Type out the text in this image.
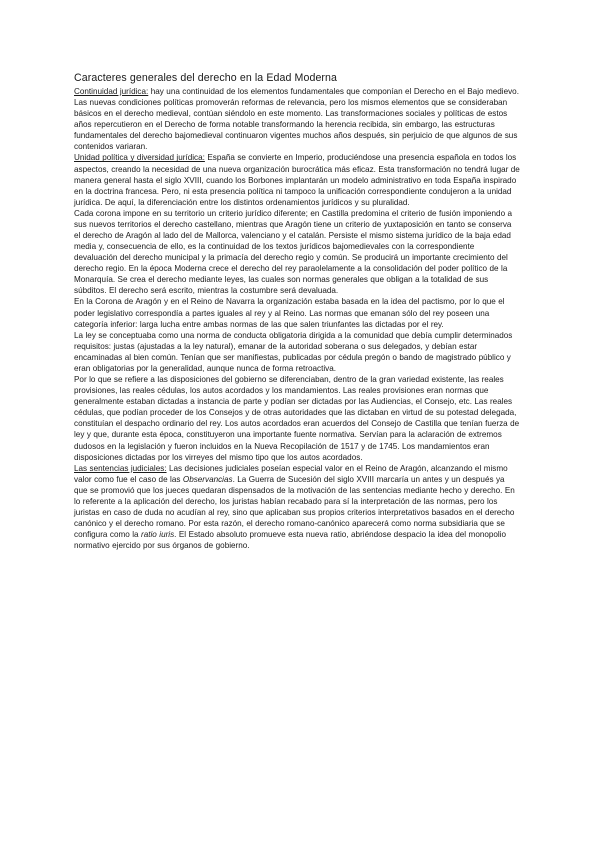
Caracteres generales del derecho en la Edad Moderna

Continuidad jurídica: hay una continuidad de los elementos fundamentales que componían el Derecho en el Bajo medievo. Las nuevas condiciones políticas promoverán reformas de relevancia, pero los mismos elementos que se consideraban básicos en el derecho medieval, contúan siéndolo en este momento. Las transformaciones sociales y políticas de estos años repercutieron en el Derecho de forma notable transformando la herencia recibida, sin embargo, las estructuras fundamentales del derecho bajomedieval continuaron vigentes muchos años después, sin perjuicio de que algunos de sus contenidos variaran.

Unidad política y diversidad jurídica: España se convierte en Imperio, produciéndose una presencia española en todos los aspectos, creando la necesidad de una nueva organización burocrática más eficaz. Esta transformación no tendrá lugar de manera general hasta el siglo XVIII, cuando los Borbones implantarán un modelo administrativo en toda España inspirado en la doctrina francesa. Pero, ni esta presencia política ni tampoco la unificación correspondiente condujeron a la unidad jurídica. De aquí, la diferenciación entre los distintos ordenamientos jurídicos y su pluralidad.

Cada corona impone en su territorio un criterio jurídico diferente; en Castilla predomina el criterio de fusión imponiendo a sus nuevos territorios el derecho castellano, mientras que Aragón tiene un criterio de yuxtaposición en tanto se conserva el derecho de Aragón al lado del de Mallorca, valenciano y el catalán. Persiste el mismo sistema jurídico de la baja edad media y, consecuencia de ello, es la continuidad de los textos jurídicos bajomedievales con la correspondiente devaluación del derecho municipal y la primacía del derecho regio y común. Se producirá un importante crecimiento del derecho regio. En la época Moderna crece el derecho del rey paraolelamente a la consolidación del poder político de la Monarquía. Se crea el derecho mediante leyes, las cuales son normas generales que obligan a la totalidad de sus súbditos. El derecho será escrito, mientras la costumbre será devaluada.

En la Corona de Aragón y en el Reino de Navarra la organización estaba basada en la idea del pactismo, por lo que el poder legislativo correspondía a partes iguales al rey y al Reino. Las normas que emanan sólo del rey poseen una categoría inferior: larga lucha entre ambas normas de las que salen triunfantes las dictadas por el rey.

La ley se conceptuaba como una norma de conducta obligatoria dirigida a la comunidad que debía cumplir determinados requisitos: justas (ajustadas a la ley natural), emanar de la autoridad soberana o sus delegados, y debían estar encaminadas al bien común. Tenían que ser manifiestas, publicadas por cédula pregón o bando de magistrado público y eran obligatorias por la generalidad, aunque nunca de forma retroactiva.

Por lo que se refiere a las disposiciones del gobierno se diferenciaban, dentro de la gran variedad existente, las reales provisiones, las reales cédulas, los autos acordados y los mandamientos. Las reales provisiones eran normas que generalmente estaban dictadas a instancia de parte y podían ser dictadas por las Audiencias, el Consejo, etc. Las reales cédulas, que podían proceder de los Consejos y de otras autoridades que las dictaban en virtud de su potestad delegada, constituían el despacho ordinario del rey. Los autos acordados eran acuerdos del Consejo de Castilla que tenían fuerza de ley y que, durante esta época, constituyeron una importante fuente normativa. Servían para la aclaración de extremos dudosos en la legislación y fueron incluidos en la Nueva Recopilación de 1517 y de 1745. Los mandamientos eran disposiciones dictadas por los virreyes del mismo tipo que los autos acordados.

Las sentencias judiciales: Las decisiones judiciales poseían especial valor en el Reino de Aragón, alcanzando el mismo valor como fue el caso de las Observancias. La Guerra de Sucesión del siglo XVIII marcaría un antes y un después ya que se promovió que los jueces quedaran dispensados de la motivación de las sentencias mediante hecho y derecho. En lo referente a la aplicación del derecho, los juristas habían recabado para sí la interpretación de las normas, pero los juristas en caso de duda no acudían al rey, sino que aplicaban sus propios criterios interpretativos basados en el derecho canónico y el derecho romano. Por esta razón, el derecho romano-canónico aparecerá como norma subsidiaria que se configura como la ratio iuris. El Estado absoluto promueve esta nueva ratio, abriéndose despacio la idea del monopolio normativo ejercido por sus órganos de gobierno.
